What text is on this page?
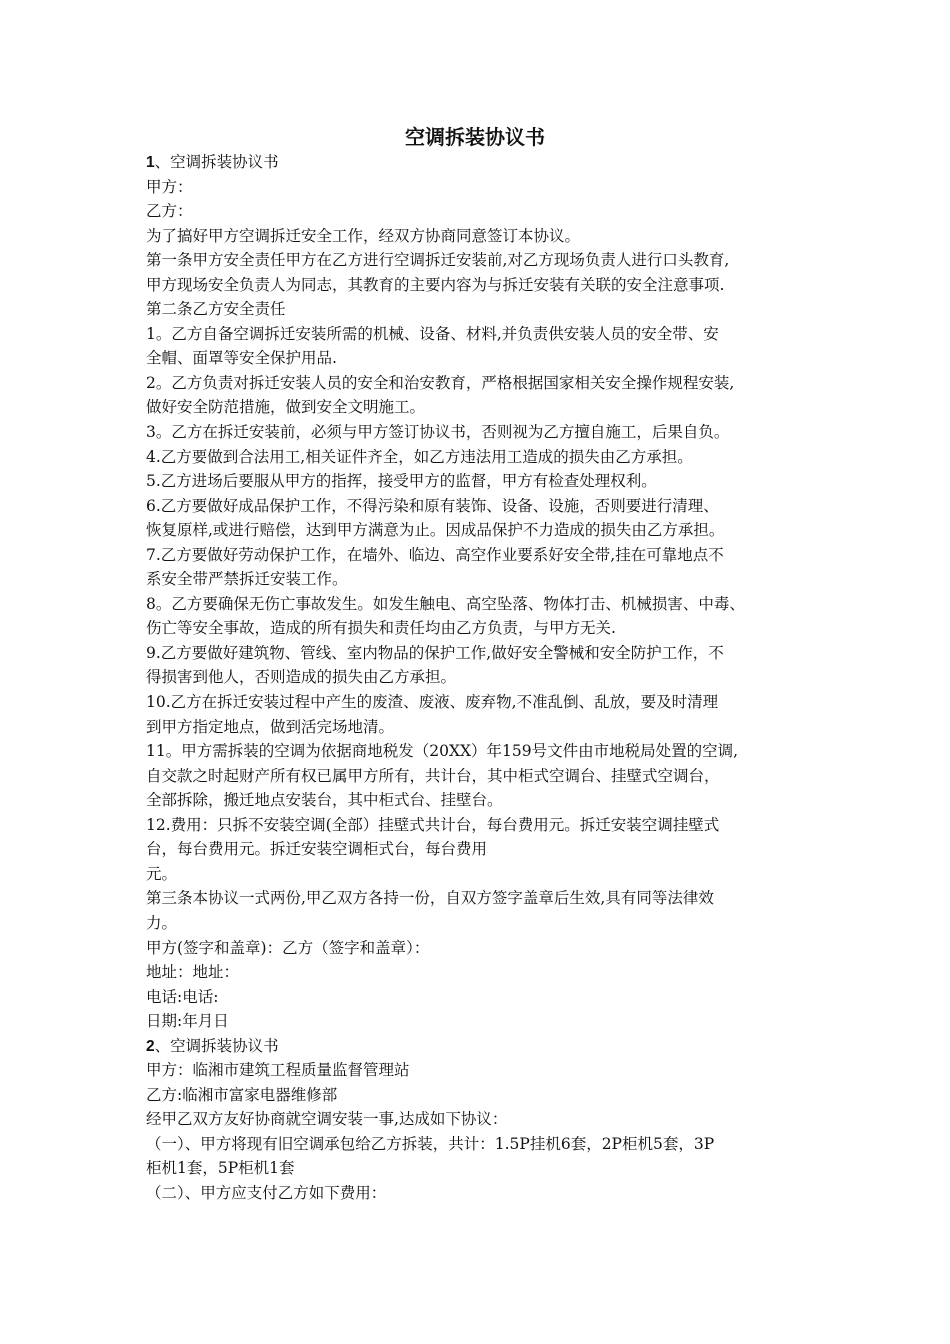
空调拆装协议书

1、空调拆装协议书

甲方：

乙方：

为了搞好甲方空调拆迁安全工作，经双方协商同意签订本协议。

第一条甲方安全责任甲方在乙方进行空调拆迁安装前,对乙方现场负责人进行口头教育,

甲方现场安全负责人为同志，其教育的主要内容为与拆迁安装有关联的安全注意事项.

第二条乙方安全责任

1。乙方自备空调拆迁安装所需的机械、设备、材料,并负责供安装人员的安全带、安

全帽、面罩等安全保护用品.

2。乙方负责对拆迁安装人员的安全和治安教育，严格根据国家相关安全操作规程安装,

做好安全防范措施，做到安全文明施工。

3。乙方在拆迁安装前，必须与甲方签订协议书，否则视为乙方擅自施工，后果自负。

4.乙方要做到合法用工,相关证件齐全，如乙方违法用工造成的损失由乙方承担。

5.乙方进场后要服从甲方的指挥，接受甲方的监督，甲方有检查处理权利。

6.乙方要做好成品保护工作，不得污染和原有装饰、设备、设施，否则要进行清理、

恢复原样,或进行赔偿，达到甲方满意为止。因成品保护不力造成的损失由乙方承担。

7.乙方要做好劳动保护工作，在墙外、临边、高空作业要系好安全带,挂在可靠地点不

系安全带严禁拆迁安装工作。

8。乙方要确保无伤亡事故发生。如发生触电、高空坠落、物体打击、机械损害、中毒、

伤亡等安全事故，造成的所有损失和责任均由乙方负责，与甲方无关.

9.乙方要做好建筑物、管线、室内物品的保护工作,做好安全警械和安全防护工作，不

得损害到他人，否则造成的损失由乙方承担。

10.乙方在拆迁安装过程中产生的废渣、废液、废弃物,不准乱倒、乱放，要及时清理

到甲方指定地点，做到活完场地清。

11。甲方需拆装的空调为依据商地税发（20XX）年159号文件由市地税局处置的空调,

自交款之时起财产所有权已属甲方所有，共计台，其中柜式空调台、挂壁式空调台，

全部拆除，搬迁地点安装台，其中柜式台、挂壁台。

12.费用：只拆不安装空调(全部）挂壁式共计台，每台费用元。拆迁安装空调挂壁式

台，每台费用元。拆迁安装空调柜式台，每台费用

元。

第三条本协议一式两份,甲乙双方各持一份，自双方签字盖章后生效,具有同等法律效

力。

甲方(签字和盖章)：乙方（签字和盖章）：

地址：地址：

电话:电话:

日期:年月日

2、空调拆装协议书

甲方：临湘市建筑工程质量监督管理站

乙方:临湘市富家电器维修部

经甲乙双方友好协商就空调安装一事,达成如下协议：

（一）、甲方将现有旧空调承包给乙方拆装，共计：1.5P挂机6套，2P柜机5套，3P

柜机1套，5P柜机1套

（二）、甲方应支付乙方如下费用：
